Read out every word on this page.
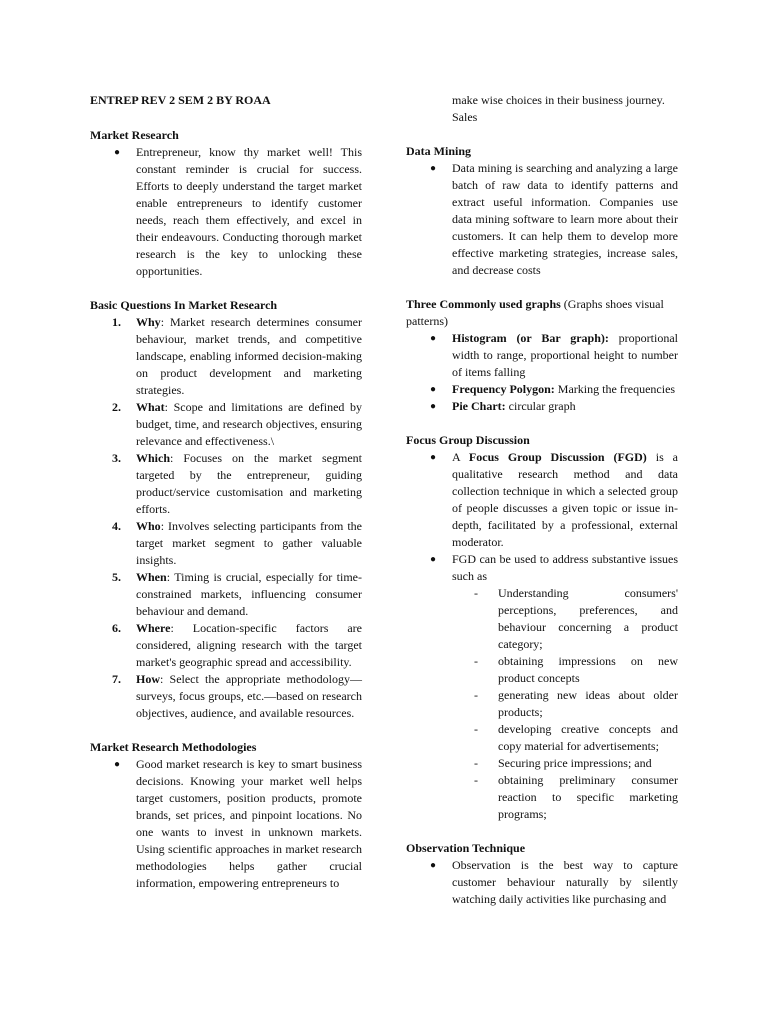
ENTREP REV 2 SEM 2 BY ROAA

Market Research

● Entrepreneur, know thy market well! This constant reminder is crucial for success. Efforts to deeply understand the target market enable entrepreneurs to identify customer needs, reach them effectively, and excel in their endeavours. Conducting thorough market research is the key to unlocking these opportunities.

Basic Questions In Market Research

1. Why: Market research determines consumer behaviour, market trends, and competitive landscape, enabling informed decision-making on product development and marketing strategies.
2. What: Scope and limitations are defined by budget, time, and research objectives, ensuring relevance and effectiveness.\
3. Which: Focuses on the market segment targeted by the entrepreneur, guiding product/service customisation and marketing efforts.
4. Who: Involves selecting participants from the target market segment to gather valuable insights.
5. When: Timing is crucial, especially for time-constrained markets, influencing consumer behaviour and demand.
6. Where: Location-specific factors are considered, aligning research with the target market's geographic spread and accessibility.
7. How: Select the appropriate methodology—surveys, focus groups, etc.—based on research objectives, audience, and available resources.

Market Research Methodologies

● Good market research is key to smart business decisions. Knowing your market well helps target customers, position products, promote brands, set prices, and pinpoint locations. No one wants to invest in unknown markets. Using scientific approaches in market research methodologies helps gather crucial information, empowering entrepreneurs to

make wise choices in their business journey.

Sales

Data Mining

● Data mining is searching and analyzing a large batch of raw data to identify patterns and extract useful information. Companies use data mining software to learn more about their customers. It can help them to develop more effective marketing strategies, increase sales, and decrease costs

Three Commonly used graphs (Graphs shoes visual patterns)

● Histogram (or Bar graph): proportional width to range, proportional height to number of items falling
● Frequency Polygon: Marking the frequencies
● Pie Chart: circular graph

Focus Group Discussion

● A Focus Group Discussion (FGD) is a qualitative research method and data collection technique in which a selected group of people discusses a given topic or issue in-depth, facilitated by a professional, external moderator.
● FGD can be used to address substantive issues such as
- Understanding consumers' perceptions, preferences, and behaviour concerning a product category;
- obtaining impressions on new product concepts
- generating new ideas about older products;
- developing creative concepts and copy material for advertisements;
- Securing price impressions; and
- obtaining preliminary consumer reaction to specific marketing programs;

Observation Technique

● Observation is the best way to capture customer behaviour naturally by silently watching daily activities like purchasing and
